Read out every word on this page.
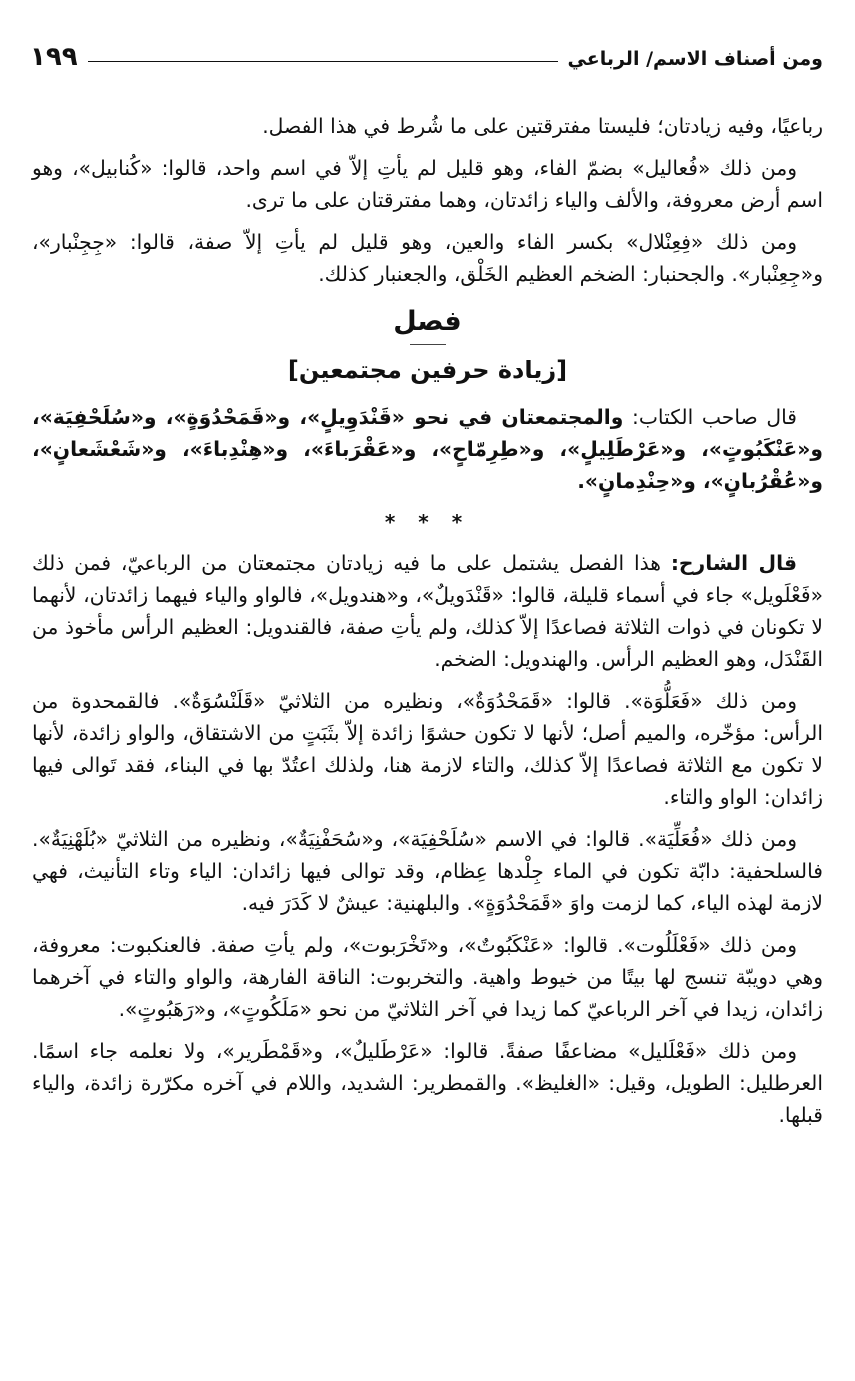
ومن أصناف الاسم/ الرباعي
١٩٩

رباعيًا، وفيه زيادتان؛ فليستا مفترقتين على ما شُرط في هذا الفصل.

ومن ذلك «فُعاليل» بضمّ الفاء، وهو قليل لم يأتِ إلاّ في اسم واحد، قالوا: «كُنابيل»، وهو اسم أرض معروفة، والألف والياء زائدتان، وهما مفترقتان على ما ترى.

ومن ذلك «فِعِنْلال» بكسر الفاء والعين، وهو قليل لم يأتِ إلاّ صفة، قالوا: «جِجِنْبار»، و«جِعِنْبار». والجحنبار: الضخم العظيم الخَلْق، والجعنبار كذلك.

فصل
[زيادة حرفين مجتمعين]

قال صاحب الكتاب: والمجتمعتان في نحو «قَنْدَوِيلٍ»، و«قَمَحْدُوَةٍ»، و«سُلَحْفِيَة»، و«عَنْكَبُوتٍ»، و«عَرْطَلِيلٍ»، و«طِرِمّاحٍ»، و«عَقْرَباءَ»، و«هِنْدِباءَ»، و«شَعْشَعانٍ»، و«عُقْرُبانٍ»، و«حِنْدِمانٍ».

* * *

قال الشارح: هذا الفصل يشتمل على ما فيه زيادتان مجتمعتان من الرباعيّ، فمن ذلك «فَعْلَويل» جاء في أسماء قليلة، قالوا: «قَنْدَويلٌ»، و«هندويل»، فالواو والياء فيهما زائدتان، لأنهما لا تكونان في ذوات الثلاثة فصاعدًا إلاّ كذلك، ولم يأتِ صفة، فالقندويل: العظيم الرأس مأخوذ من القَنْدَل، وهو العظيم الرأس. والهندويل: الضخم.

ومن ذلك «فَعَلُّوَة». قالوا: «قَمَحْدُوَةٌ»، ونظيره من الثلاثيّ «قَلَنْسُوَةٌ». فالقمحدوة من الرأس: مؤخّره، والميم أصل؛ لأنها لا تكون حشوًا زائدة إلاّ بثَبَتٍ من الاشتقاق، والواو زائدة، لأنها لا تكون مع الثلاثة فصاعدًا إلاّ كذلك، والتاء لازمة هنا، ولذلك اعتُدّ بها في البناء، فقد تَوالى فيها زائدان: الواو والتاء.

ومن ذلك «فُعَلِّيَة». قالوا: في الاسم «سُلَحْفِيَة»، و«سُحَفْنِيَةٌ»، ونظيره من الثلاثيّ «بُلَهْنِيَةٌ». فالسلحفية: دابّة تكون في الماء جِلْدها عِظام، وقد توالى فيها زائدان: الياء وتاء التأنيث، فهي لازمة لهذه الياء، كما لزمت واوَ «قَمَحْدُوَةٍ». والبلهنية: عيشٌ لا كَدَرَ فيه.

ومن ذلك «فَعْلَلُوت». قالوا: «عَنْكَبُوتٌ»، و«تَخْرَبوت»، ولم يأتِ صفة. فالعنكبوت: معروفة، وهي دويبّة تنسج لها بيتًا من خيوط واهية. والتخربوت: الناقة الفارهة، والواو والتاء في آخرهما زائدان، زيدا في آخر الرباعيّ كما زيدا في آخر الثلاثيّ من نحو «مَلَكُوتٍ»، و«رَهَبُوتٍ».

ومن ذلك «فَعْلَليل» مضاعفًا صفةً. قالوا: «عَرْطَليلٌ»، و«قَمْطَرير»، ولا نعلمه جاء اسمًا. العرطليل: الطويل، وقيل: «الغليظ». والقمطرير: الشديد، واللام في آخره مكرّرة زائدة، والياء قبلها.
